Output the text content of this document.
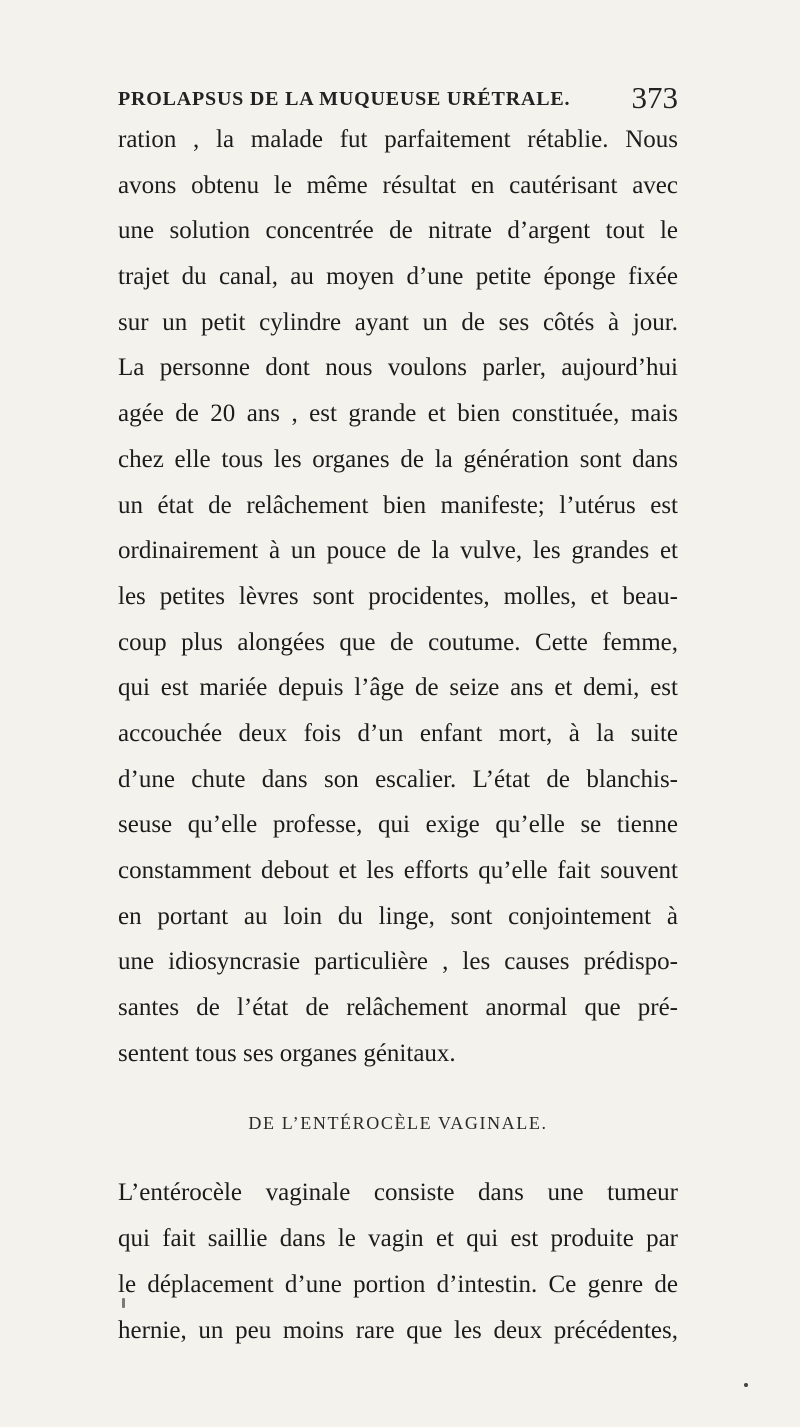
PROLAPSUS DE LA MUQUEUSE URÉTRALE. 373
ration , la malade fut parfaitement rétablie. Nous
avons obtenu le même résultat en cautérisant avec
une solution concentrée de nitrate d’argent tout le
trajet du canal, au moyen d’une petite éponge fixée
sur un petit cylindre ayant un de ses côtés à jour.
La personne dont nous voulons parler, aujourd’hui
agée de 20 ans , est grande et bien constituée, mais
chez elle tous les organes de la génération sont dans
un état de relâchement bien manifeste; l’utérus est
ordinairement à un pouce de la vulve, les grandes et
les petites lèvres sont procidentes, molles, et beau-
coup plus alongées que de coutume. Cette femme,
qui est mariée depuis l’âge de seize ans et demi, est
accouchée deux fois d’un enfant mort, à la suite
d’une chute dans son escalier. L’état de blanchis-
seuse qu’elle professe, qui exige qu’elle se tienne
constamment debout et les efforts qu’elle fait souvent
en portant au loin du linge, sont conjointement à
une idiosyncrasie particulière , les causes prédispo-
santes de l’état de relâchement anormal que pré-
sentent tous ses organes génitaux.
DE L’ENTÉROCÈLE VAGINALE.
L’entérocèle vaginale consiste dans une tumeur
qui fait saillie dans le vagin et qui est produite par
le déplacement d’une portion d’intestin. Ce genre de
hernie, un peu moins rare que les deux précédentes,
